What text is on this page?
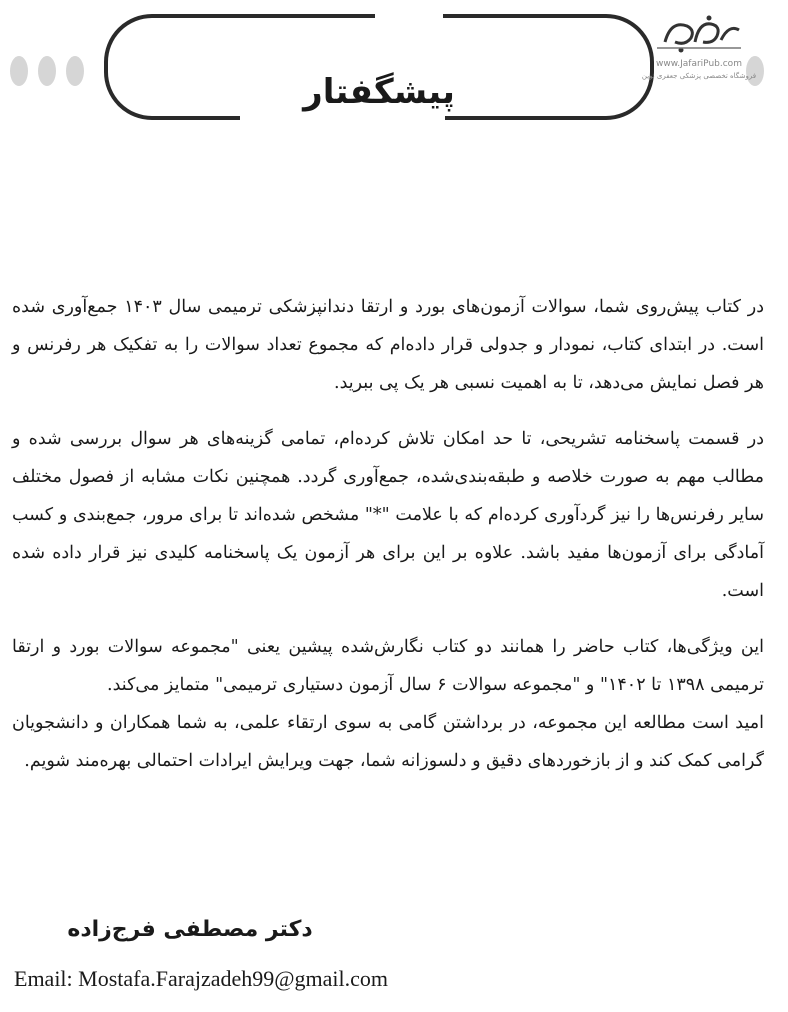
پیشگفتار
www.JafariPub.com
فروشگاه تخصصی پزشکی جعفری نوین

در کتاب پیش‌روی شما، سوالات آزمون‌های بورد و ارتقا دندانپزشکی ترمیمی سال ۱۴۰۳ جمع‌آوری شده است. در ابتدای کتاب، نمودار و جدولی قرار داده‌ام که مجموع تعداد سوالات را به تفکیک هر رفرنس و هر فصل نمایش می‌دهد، تا به اهمیت نسبی هر یک پی ببرید.

در قسمت پاسخنامه تشریحی، تا حد امکان تلاش کرده‌ام، تمامی گزینه‌های هر سوال بررسی شده و مطالب مهم به صورت خلاصه و طبقه‌بندی‌شده، جمع‌آوری گردد. همچنین نکات مشابه از فصول مختلف سایر رفرنس‌ها را نیز گردآوری کرده‌ام که با علامت "*" مشخص شده‌اند تا برای مرور، جمع‌بندی و کسب آمادگی برای آزمون‌ها مفید باشد. علاوه بر این برای هر آزمون یک پاسخنامه کلیدی نیز قرار داده شده است.

این ویژگی‌ها، کتاب حاضر را همانند دو کتاب نگارش‌شده پیشین یعنی "مجموعه سوالات بورد و ارتقا ترمیمی ۱۳۹۸ تا ۱۴۰۲" و "مجموعه سوالات ۶ سال آزمون دستیاری ترمیمی" متمایز می‌کند.

امید است مطالعه این مجموعه، در برداشتن گامی به سوی ارتقاء علمی، به شما همکاران و دانشجویان گرامی کمک کند و از بازخوردهای دقیق و دلسوزانه شما، جهت ویرایش ایرادات احتمالی بهره‌مند شویم.

دکتر مصطفی فرج‌زاده
Email: Mostafa.Farajzadeh99@gmail.com
